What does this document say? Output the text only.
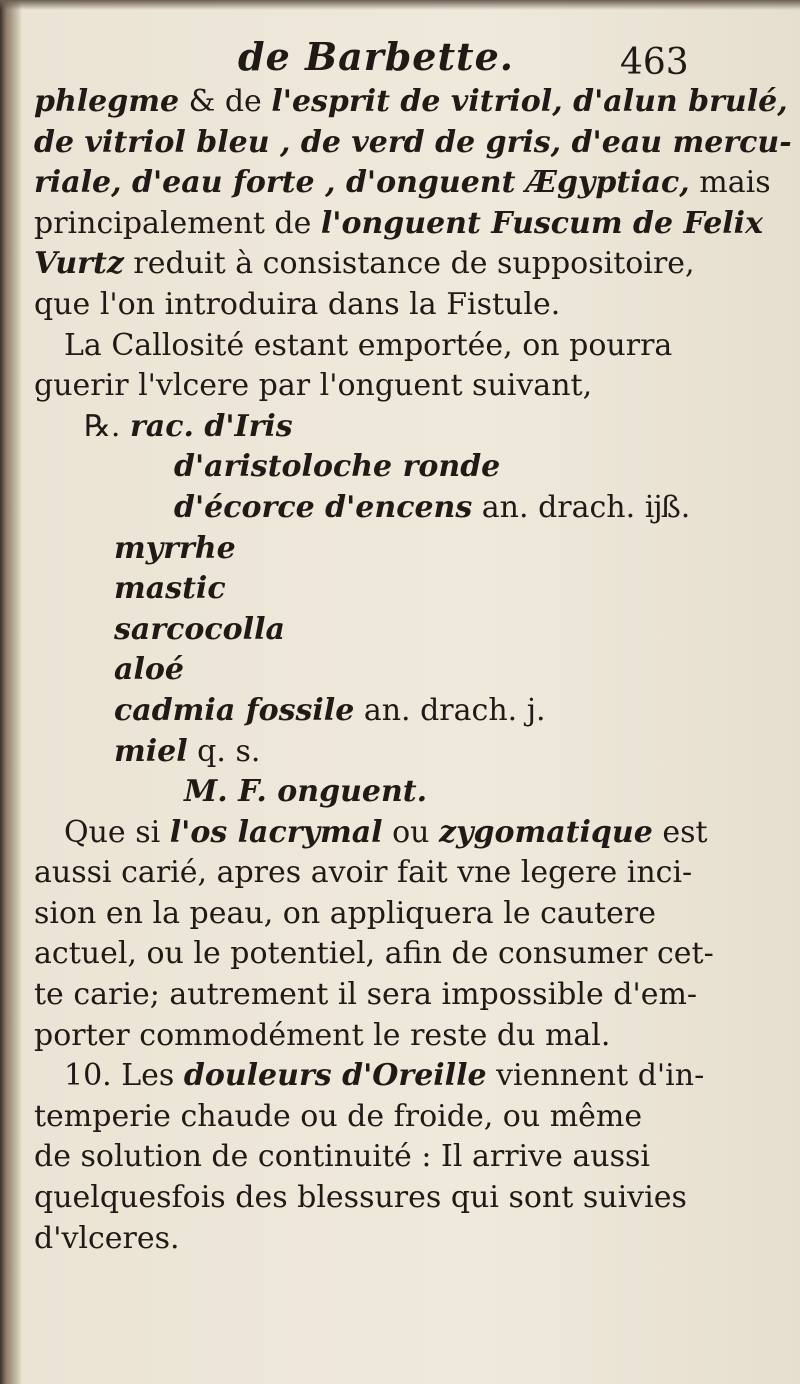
de Barbette.	463
phlegme & de l'esprit de vitriol, d'alun brulé,
de vitriol bleu , de verd de gris, d'eau mercu-
riale, d'eau forte , d'onguent Ægyptiac, mais
principalement de l'onguent Fuscum de Felix
Vurtz reduit à consistance de suppositoire,
que l'on introduira dans la Fistule.
La Callosité estant emportée, on pourra
guerir l'vlcere par l'onguent suivant,
℞. rac. d'Iris
d'aristoloche ronde
d'écorce d'encens an. drach. ĳß.
myrrhe
mastic
sarcocolla
aloé
cadmia fossile an. drach. j.
miel q. s.
M. F. onguent.
Que si l'os lacrymal ou zygomatique est
aussi carié, apres avoir fait vne legere inci-
sion en la peau, on appliquera le cautere
actuel, ou le potentiel, afin de consumer cet-
te carie; autrement il sera impossible d'em-
porter commodément le reste du mal.
10. Les douleurs d'Oreille viennent d'in-
temperie chaude ou de froide, ou même
de solution de continuité : Il arrive aussi
quelquesfois des blessures qui sont suivies
d'vlceres.
